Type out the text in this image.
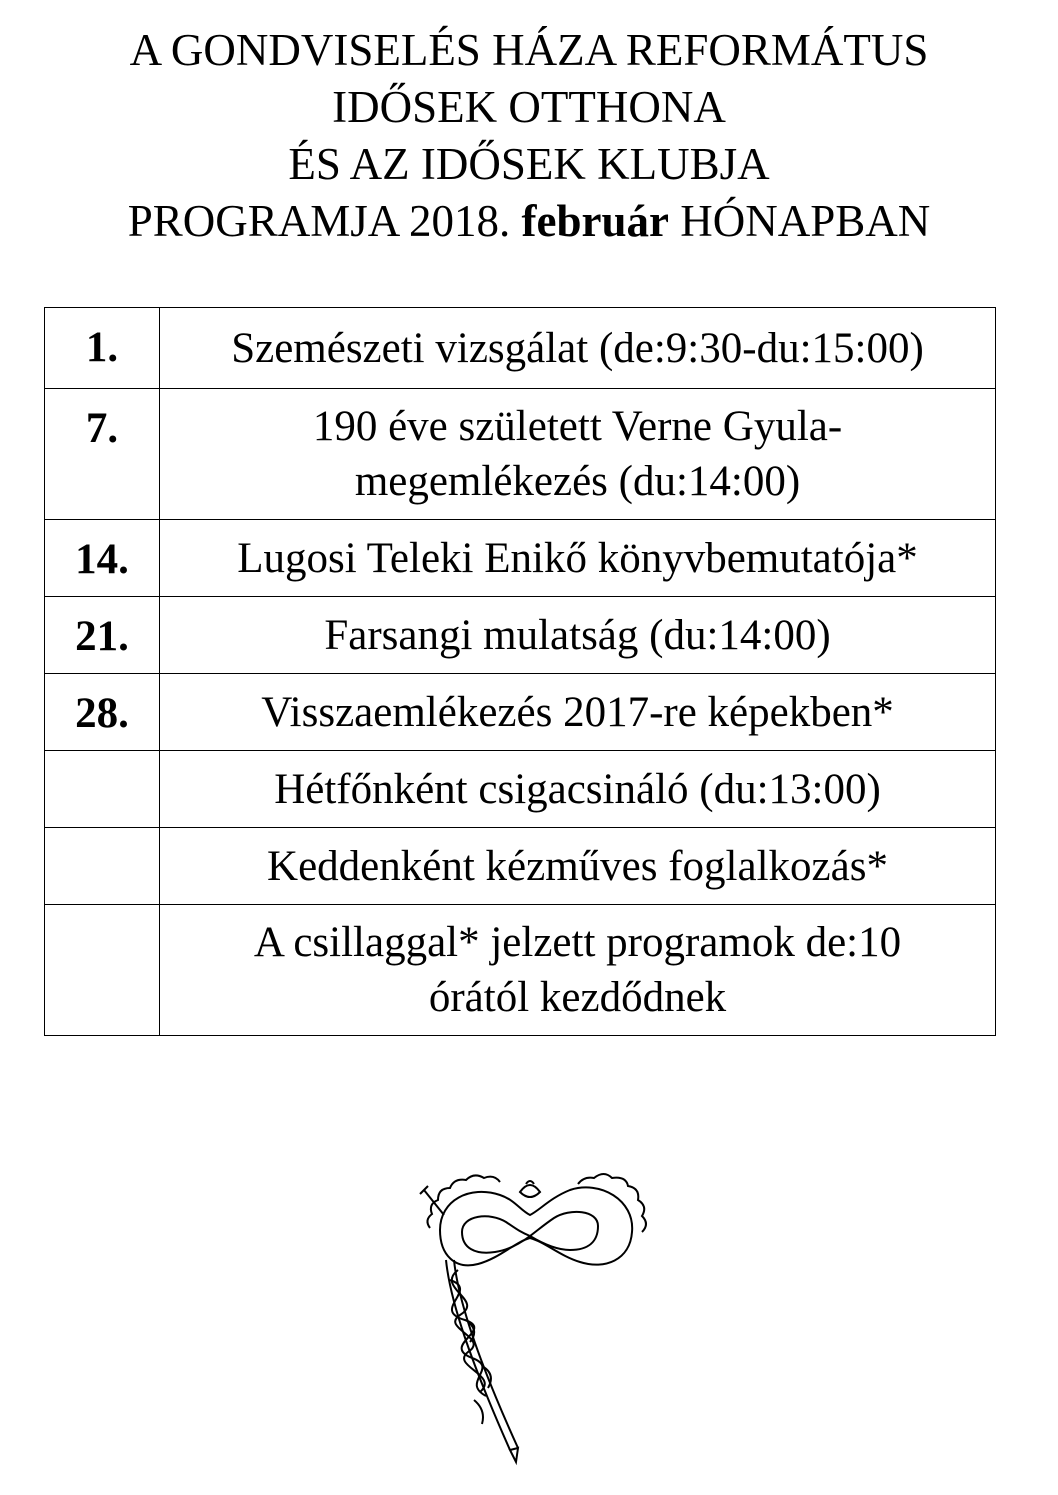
A GONDVISELÉS HÁZA REFORMÁTUS
IDŐSEK OTTHONA
ÉS AZ IDŐSEK KLUBJA
PROGRAMJA 2018. február HÓNAPBAN
1.	Szemészeti vizsgálat (de:9:30-du:15:00)
7.	190 éve született Verne Gyula-
megemlékezés (du:14:00)
14.	Lugosi Teleki Enikő könyvbemutatója*
21.	Farsangi mulatság (du:14:00)
28.	Visszaemlékezés 2017-re képekben*
	Hétfőnként csigacsináló (du:13:00)
	Keddenként kézműves foglalkozás*
	A csillaggal* jelzett programok de:10
órától kezdődnek
